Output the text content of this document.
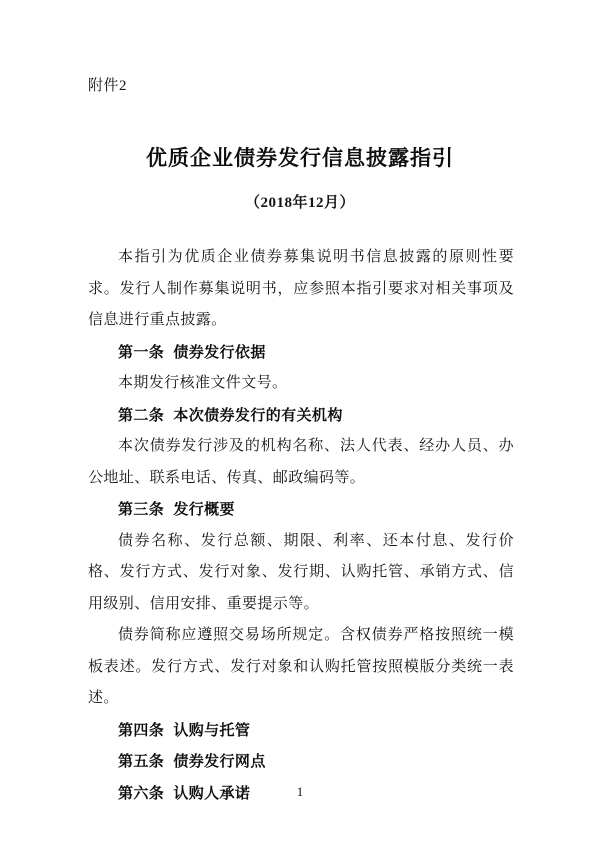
附件2
优质企业债券发行信息披露指引
（2018年12月）

本指引为优质企业债券募集说明书信息披露的原则性要求。发行人制作募集说明书，应参照本指引要求对相关事项及信息进行重点披露。

第一条  债券发行依据

本期发行核准文件文号。

第二条  本次债券发行的有关机构

本次债券发行涉及的机构名称、法人代表、经办人员、办公地址、联系电话、传真、邮政编码等。

第三条  发行概要

债券名称、发行总额、期限、利率、还本付息、发行价格、发行方式、发行对象、发行期、认购托管、承销方式、信用级别、信用安排、重要提示等。

债券简称应遵照交易场所规定。含权债券严格按照统一模板表述。发行方式、发行对象和认购托管按照模版分类统一表述。

第四条  认购与托管

第五条  债券发行网点

第六条  认购人承诺	1
